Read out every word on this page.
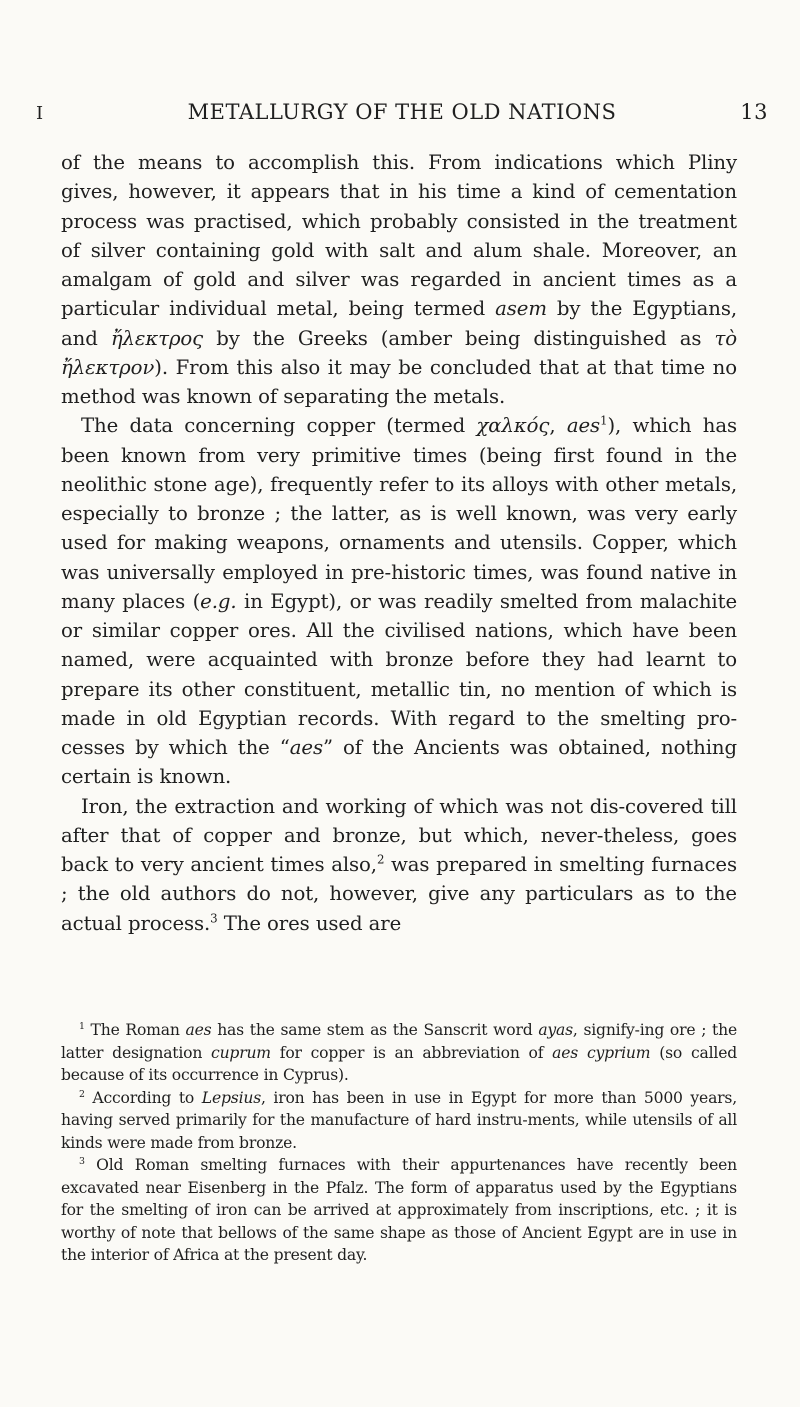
I	METALLURGY OF THE OLD NATIONS	13

of the means to accomplish this. From indications which Pliny gives, however, it appears that in his time a kind of cementation process was practised, which probably consisted in the treatment of silver containing gold with salt and alum shale. Moreover, an amalgam of gold and silver was regarded in ancient times as a particular individual metal, being termed asem by the Egyptians, and ἤλεκτρος by the Greeks (amber being distinguished as τὸ ἤλεκτρον). From this also it may be concluded that at that time no method was known of separating the metals.

The data concerning copper (termed χαλκός, aes$^1$), which has been known from very primitive times (being first found in the neolithic stone age), frequently refer to its alloys with other metals, especially to bronze ; the latter, as is well known, was very early used for making weapons, ornaments and utensils. Copper, which was universally employed in pre-historic times, was found native in many places (e.g. in Egypt), or was readily smelted from malachite or similar copper ores. All the civilised nations, which have been named, were acquainted with bronze before they had learnt to prepare its other constituent, metallic tin, no mention of which is made in old Egyptian records. With regard to the smelting pro-cesses by which the “aes” of the Ancients was obtained, nothing certain is known.

Iron, the extraction and working of which was not dis-covered till after that of copper and bronze, but which, never-theless, goes back to very ancient times also,$^2$ was prepared in smelting furnaces ; the old authors do not, however, give any particulars as to the actual process.$^3$ The ores used are

$^1$ The Roman aes has the same stem as the Sanscrit word ayas, signify-ing ore ; the latter designation cuprum for copper is an abbreviation of aes cyprium (so called because of its occurrence in Cyprus).

$^2$ According to Lepsius, iron has been in use in Egypt for more than 5000 years, having served primarily for the manufacture of hard instru-ments, while utensils of all kinds were made from bronze.

$^3$ Old Roman smelting furnaces with their appurtenances have recently been excavated near Eisenberg in the Pfalz. The form of apparatus used by the Egyptians for the smelting of iron can be arrived at approximately from inscriptions, etc. ; it is worthy of note that bellows of the same shape as those of Ancient Egypt are in use in the interior of Africa at the present day.
